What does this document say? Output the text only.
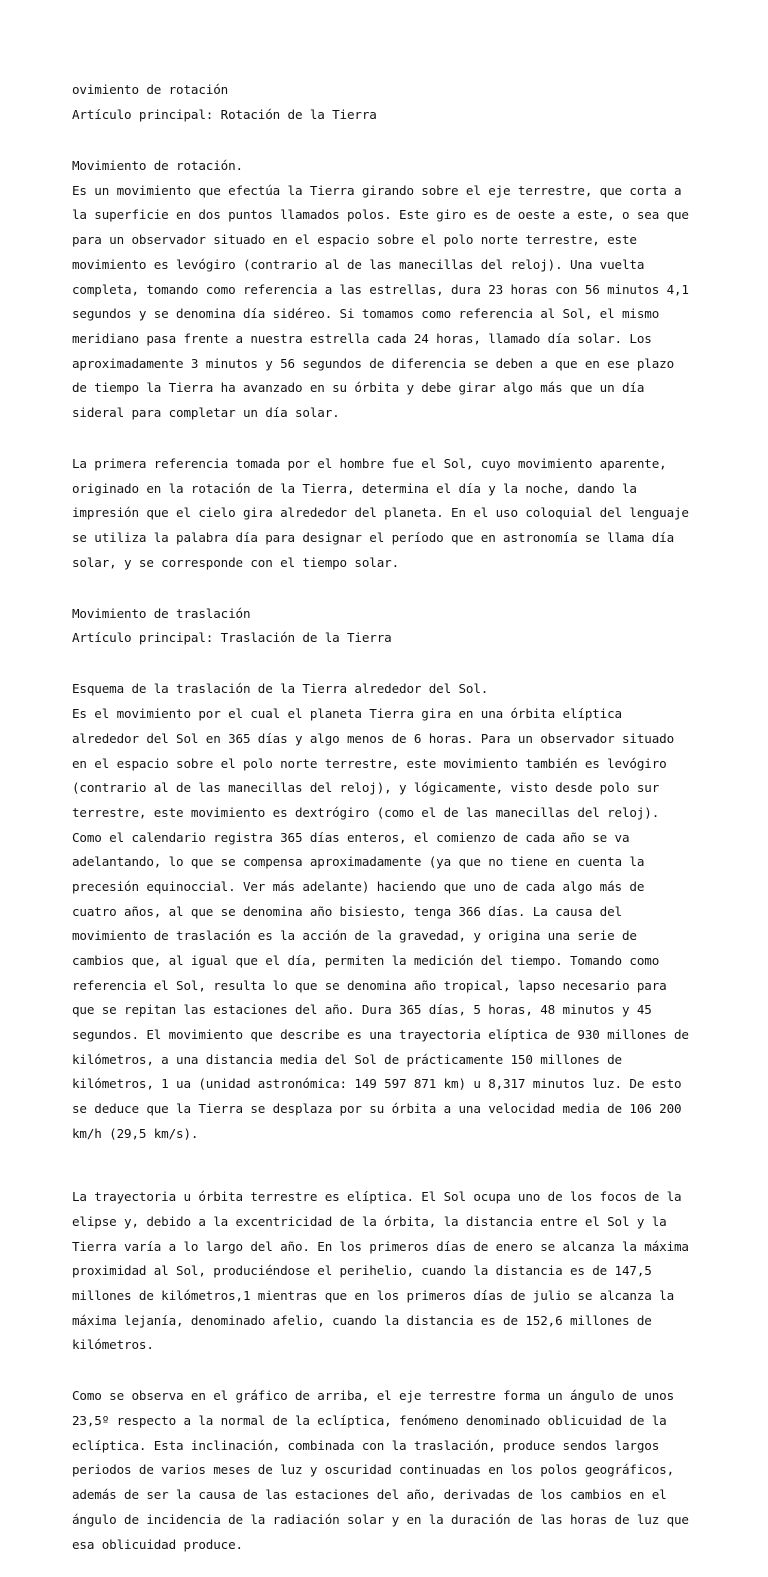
ovimiento de rotación

Artículo principal: Rotación de la Tierra

Movimiento de rotación.

Es un movimiento que efectúa la Tierra girando sobre el eje terrestre, que corta a

la superficie en dos puntos llamados polos. Este giro es de oeste a este, o sea que

para un observador situado en el espacio sobre el polo norte terrestre, este

movimiento es levógiro (contrario al de las manecillas del reloj). Una vuelta

completa, tomando como referencia a las estrellas, dura 23 horas con 56 minutos 4,1

segundos y se denomina día sidéreo. Si tomamos como referencia al Sol, el mismo

meridiano pasa frente a nuestra estrella cada 24 horas, llamado día solar. Los

aproximadamente 3 minutos y 56 segundos de diferencia se deben a que en ese plazo

de tiempo la Tierra ha avanzado en su órbita y debe girar algo más que un día

sideral para completar un día solar.

La primera referencia tomada por el hombre fue el Sol, cuyo movimiento aparente,

originado en la rotación de la Tierra, determina el día y la noche, dando la

impresión que el cielo gira alrededor del planeta. En el uso coloquial del lenguaje

se utiliza la palabra día para designar el período que en astronomía se llama día

solar, y se corresponde con el tiempo solar.

Movimiento de traslación

Artículo principal: Traslación de la Tierra

Esquema de la traslación de la Tierra alrededor del Sol.

Es el movimiento por el cual el planeta Tierra gira en una órbita elíptica

alrededor del Sol en 365 días y algo menos de 6 horas. Para un observador situado

en el espacio sobre el polo norte terrestre, este movimiento también es levógiro

(contrario al de las manecillas del reloj), y lógicamente, visto desde polo sur

terrestre, este movimiento es dextrógiro (como el de las manecillas del reloj).

Como el calendario registra 365 días enteros, el comienzo de cada año se va

adelantando, lo que se compensa aproximadamente (ya que no tiene en cuenta la

precesión equinoccial. Ver más adelante) haciendo que uno de cada algo más de

cuatro años, al que se denomina año bisiesto, tenga 366 días. La causa del

movimiento de traslación es la acción de la gravedad, y origina una serie de

cambios que, al igual que el día, permiten la medición del tiempo. Tomando como

referencia el Sol, resulta lo que se denomina año tropical, lapso necesario para

que se repitan las estaciones del año. Dura 365 días, 5 horas, 48 minutos y 45

segundos. El movimiento que describe es una trayectoria elíptica de 930 millones de

kilómetros, a una distancia media del Sol de prácticamente 150 millones de

kilómetros, 1 ua (unidad astronómica: 149 597 871 km) u 8,317 minutos luz. De esto

se deduce que la Tierra se desplaza por su órbita a una velocidad media de 106 200

km/h (29,5 km/s).

La trayectoria u órbita terrestre es elíptica. El Sol ocupa uno de los focos de la

elipse y, debido a la excentricidad de la órbita, la distancia entre el Sol y la

Tierra varía a lo largo del año. En los primeros días de enero se alcanza la máxima

proximidad al Sol, produciéndose el perihelio, cuando la distancia es de 147,5

millones de kilómetros,1 mientras que en los primeros días de julio se alcanza la

máxima lejanía, denominado afelio, cuando la distancia es de 152,6 millones de

kilómetros.

Como se observa en el gráfico de arriba, el eje terrestre forma un ángulo de unos

23,5º respecto a la normal de la eclíptica, fenómeno denominado oblicuidad de la

eclíptica. Esta inclinación, combinada con la traslación, produce sendos largos

periodos de varios meses de luz y oscuridad continuadas en los polos geográficos,

además de ser la causa de las estaciones del año, derivadas de los cambios en el

ángulo de incidencia de la radiación solar y en la duración de las horas de luz que

esa oblicuidad produce.
